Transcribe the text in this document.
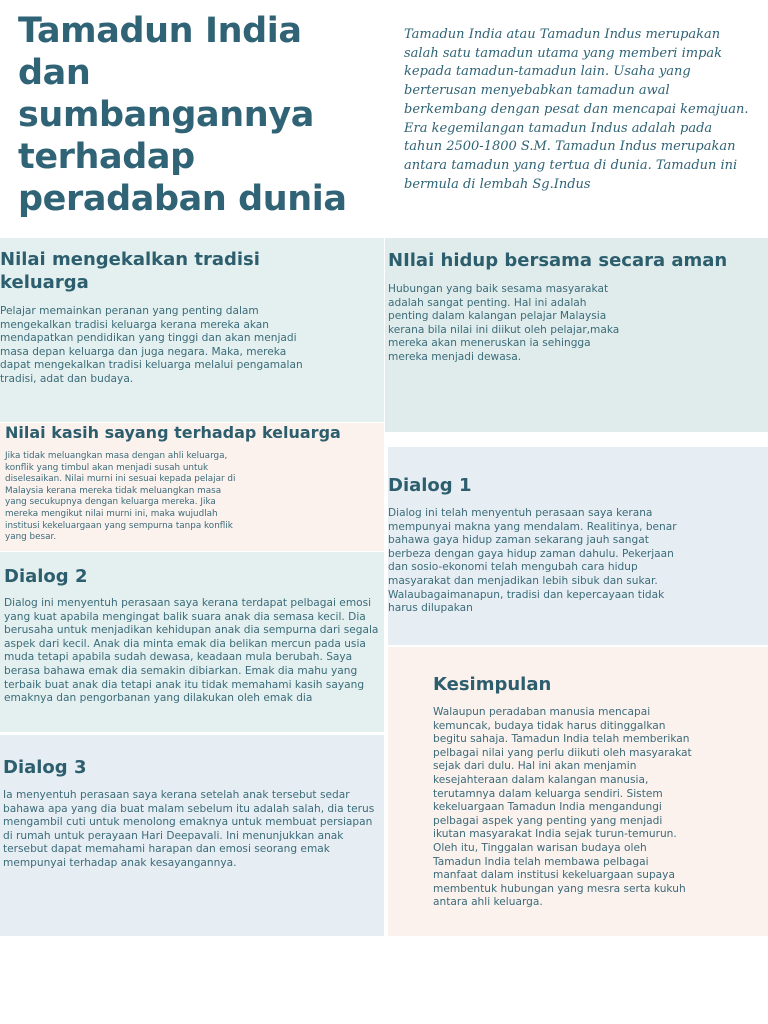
Tamadun India dan sumbangannya terhadap peradaban dunia
Tamadun India atau Tamadun Indus merupakan salah satu tamadun utama yang memberi impak kepada tamadun-tamadun lain. Usaha yang berterusan menyebabkan tamadun awal berkembang dengan pesat dan mencapai kemajuan. Era kegemilangan tamadun Indus adalah pada tahun 2500-1800 S.M. Tamadun Indus merupakan antara tamadun yang tertua di dunia. Tamadun ini bermula di lembah Sg.Indus
Nilai mengekalkan tradisi keluarga

Pelajar memainkan peranan yang penting dalam mengekalkan tradisi keluarga kerana mereka akan mendapatkan pendidikan yang tinggi dan akan menjadi masa depan keluarga dan juga negara. Maka, mereka dapat mengekalkan tradisi keluarga melalui pengamalan tradisi, adat dan budaya.

NIlai hidup bersama secara aman

Hubungan yang baik sesama masyarakat adalah sangat penting. Hal ini adalah penting dalam kalangan pelajar Malaysia kerana bila nilai ini diikut oleh pelajar,maka mereka akan meneruskan ia sehingga mereka menjadi dewasa.

Nilai kasih sayang terhadap keluarga

Jika tidak meluangkan masa dengan ahli keluarga, konflik yang timbul akan menjadi susah untuk diselesaikan. Nilai murni ini sesuai kepada pelajar di Malaysia kerana mereka tidak meluangkan masa yang secukupnya dengan keluarga mereka. Jika mereka mengikut nilai murni ini, maka wujudlah institusi kekeluargaan yang sempurna tanpa konflik yang besar.

Dialog 1

Dialog ini telah menyentuh perasaan saya kerana mempunyai makna yang mendalam. Realitinya, benar bahawa gaya hidup zaman sekarang jauh sangat berbeza dengan gaya hidup zaman dahulu. Pekerjaan dan sosio-ekonomi telah mengubah cara hidup masyarakat dan menjadikan lebih sibuk dan sukar. Walaubagaimanapun, tradisi dan kepercayaan tidak harus dilupakan

Dialog 2

Dialog ini menyentuh perasaan saya kerana terdapat pelbagai emosi yang kuat apabila mengingat balik suara anak dia semasa kecil. Dia berusaha untuk menjadikan kehidupan anak dia sempurna dari segala aspek dari kecil. Anak dia minta emak dia belikan mercun pada usia muda tetapi apabila sudah dewasa, keadaan mula berubah. Saya berasa bahawa emak dia semakin dibiarkan. Emak dia mahu yang terbaik buat anak dia tetapi anak itu tidak memahami kasih sayang emaknya dan pengorbanan yang dilakukan oleh emak dia

Kesimpulan

Walaupun peradaban manusia mencapai kemuncak, budaya tidak harus ditinggalkan begitu sahaja. Tamadun India telah memberikan pelbagai nilai yang perlu diikuti oleh masyarakat sejak dari dulu. Hal ini akan menjamin kesejahteraan dalam kalangan manusia, terutamnya dalam keluarga sendiri. Sistem kekeluargaan Tamadun India mengandungi pelbagai aspek yang penting yang menjadi ikutan masyarakat India sejak turun-temurun. Oleh itu, Tinggalan warisan budaya oleh Tamadun India telah membawa pelbagai manfaat dalam institusi kekeluargaan supaya membentuk hubungan yang mesra serta kukuh antara ahli keluarga.

Dialog 3

Ia menyentuh perasaan saya kerana setelah anak tersebut sedar bahawa apa yang dia buat malam sebelum itu adalah salah, dia terus mengambil cuti untuk menolong emaknya untuk membuat persiapan di rumah untuk perayaan Hari Deepavali. Ini menunjukkan anak tersebut dapat memahami harapan dan emosi seorang emak mempunyai terhadap anak kesayangannya.
